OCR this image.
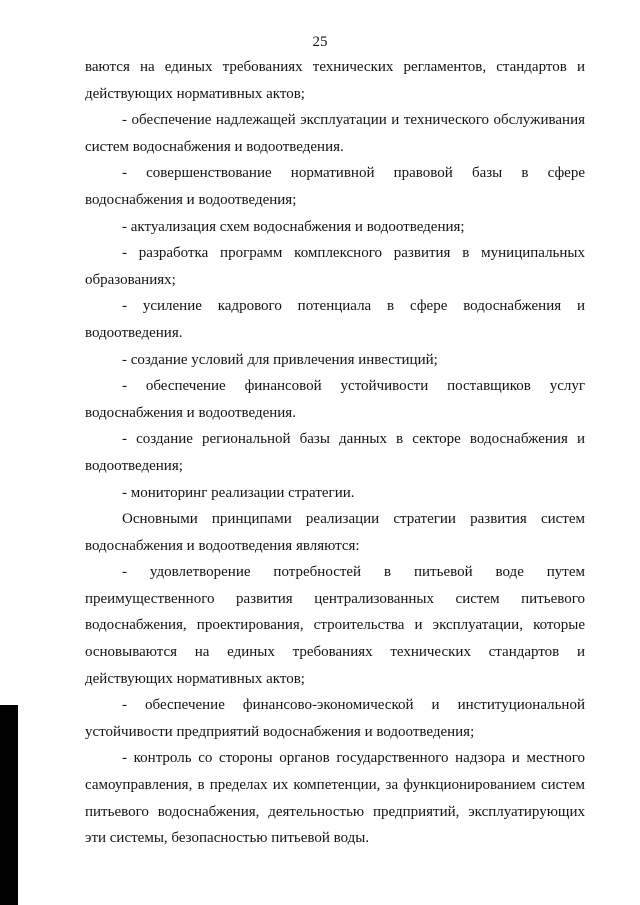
25

ваются на единых требованиях технических регламентов, стандартов и действующих нормативных актов;

- обеспечение надлежащей эксплуатации и технического обслуживания систем водоснабжения и водоотведения.

- совершенствование нормативной правовой базы в сфере водоснабжения и водоотведения;

- актуализация схем водоснабжения и водоотведения;

- разработка программ комплексного развития в муниципальных образованиях;

- усиление кадрового потенциала в сфере водоснабжения и водоотведения.

- создание условий для привлечения инвестиций;

- обеспечение финансовой устойчивости поставщиков услуг водоснабжения и водоотведения.

- создание региональной базы данных в секторе водоснабжения и водоотведения;

- мониторинг реализации стратегии.

Основными принципами реализации стратегии развития систем водоснабжения и водоотведения являются:

- удовлетворение потребностей в питьевой воде путем преимущественного развития централизованных систем питьевого водоснабжения, проектирования, строительства и эксплуатации, которые основываются на единых требованиях технических стандартов и действующих нормативных актов;

- обеспечение финансово-экономической и институциональной устойчивости предприятий водоснабжения и водоотведения;

- контроль со стороны органов государственного надзора и местного самоуправления, в пределах их компетенции, за функционированием систем питьевого водоснабжения, деятельностью предприятий, эксплуатирующих эти системы, безопасностью питьевой воды.
